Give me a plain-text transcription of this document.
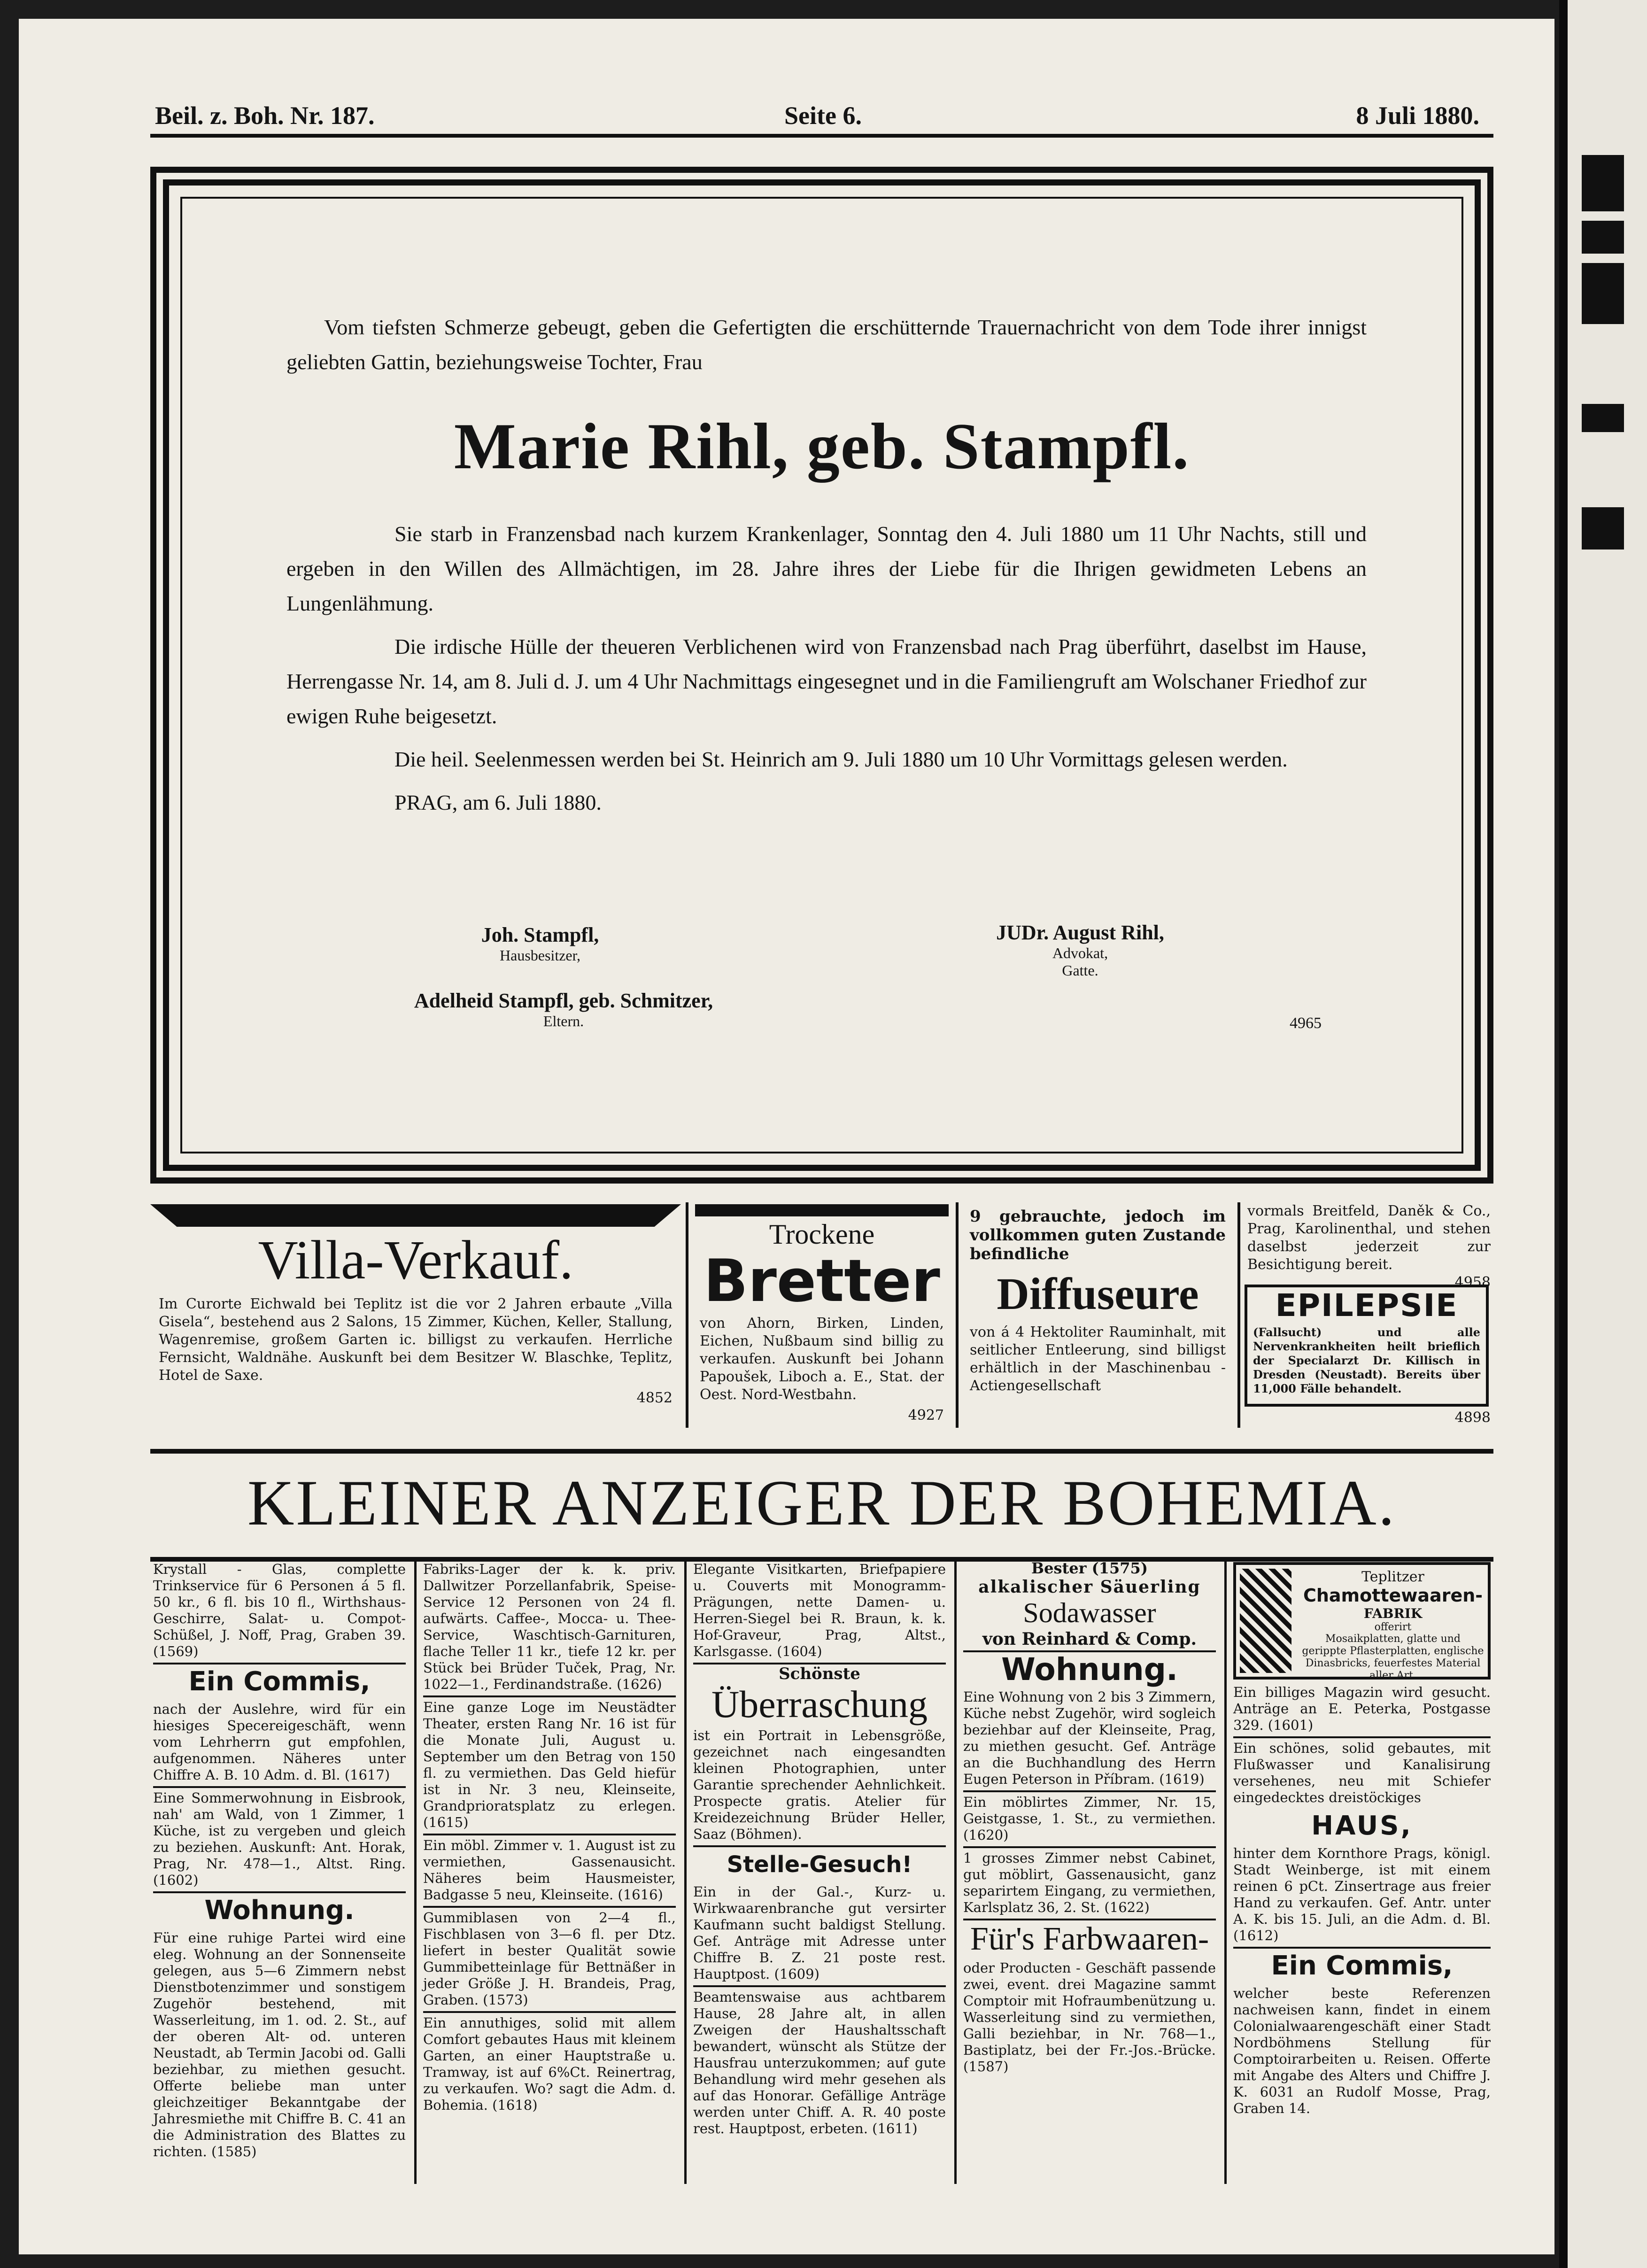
Beil. z. Boh. Nr. 187.	Seite 6.	8 Juli 1880.

Vom tiefsten Schmerze gebeugt, geben die Gefertigten die erschütternde Trauernachricht von dem Tode ihrer innigst geliebten Gattin, beziehungsweise Tochter, Frau

Marie Rihl, geb. Stampfl.

Sie starb in Franzensbad nach kurzem Krankenlager, Sonntag den 4. Juli 1880 um 11 Uhr Nachts, still und ergeben in den Willen des Allmächtigen, im 28. Jahre ihres der Liebe für die Ihrigen gewidmeten Lebens an Lungenlähmung.

Die irdische Hülle der theueren Verblichenen wird von Franzensbad nach Prag überführt, daselbst im Hause, Herrengasse Nr. 14, am 8. Juli d. J. um 4 Uhr Nachmittags eingesegnet und in die Familiengruft am Wolschaner Friedhof zur ewigen Ruhe beigesetzt.

Die heil. Seelenmessen werden bei St. Heinrich am 9. Juli 1880 um 10 Uhr Vormittags gelesen werden.

PRAG, am 6. Juli 1880.

Joh. Stampfl,
Hausbesitzer,
Adelheid Stampfl, geb. Schmitzer,
Eltern.
JUDr. August Rihl,
Advokat,
Gatte.
4965
Villa-Verkauf.
Im Curorte Eichwald bei Teplitz ist die vor 2 Jahren erbaute „Villa Gisela“, bestehend aus 2 Salons, 15 Zimmer, Küchen, Keller, Stallung, Wagenremise, großem Garten ic. billigst zu verkaufen. Herrliche Fernsicht, Waldnähe. Auskunft bei dem Besitzer W. Blaschke, Teplitz, Hotel de Saxe.
4852
Trockene
Bretter
von Ahorn, Birken, Linden, Eichen, Nußbaum sind billig zu verkaufen. Auskunft bei Johann Papoušek, Liboch a. E., Stat. der Oest. Nord-Westbahn.
4927
9 gebrauchte, jedoch im vollkommen guten Zustande befindliche
Diffuseure
von á 4 Hektoliter Rauminhalt, mit seitlicher Entleerung, sind billigst erhältlich in der Maschinenbau - Actiengesellschaft
vormals Breitfeld, Daněk & Co., Prag, Karolinenthal, und stehen daselbst jederzeit zur Besichtigung bereit.
4958
EPILEPSIE
(Fallsucht) und alle Nervenkrankheiten heilt brieflich der Specialarzt Dr. Killisch in Dresden (Neustadt). Bereits über 11,000 Fälle behandelt.
4898
KLEINER ANZEIGER DER BOHEMIA.
Krystall - Glas, complette Trinkservice für 6 Personen á 5 fl. 50 kr., 6 fl. bis 10 fl., Wirthshaus-Geschirre, Salat- u. Compot-Schüßel, J. Noff, Prag, Graben 39. (1569)
Ein Commis,
nach der Auslehre, wird für ein hiesiges Specereigeschäft, wenn vom Lehrherrn gut empfohlen, aufgenommen. Näheres unter Chiffre A. B. 10 Adm. d. Bl. (1617)
Eine Sommerwohnung in Eisbrook, nah' am Wald, von 1 Zimmer, 1 Küche, ist zu vergeben und gleich zu beziehen. Auskunft: Ant. Horak, Prag, Nr. 478—1., Altst. Ring. (1602)
Wohnung.
Für eine ruhige Partei wird eine eleg. Wohnung an der Sonnenseite gelegen, aus 5—6 Zimmern nebst Dienstbotenzimmer und sonstigem Zugehör bestehend, mit Wasserleitung, im 1. od. 2. St., auf der oberen Alt- od. unteren Neustadt, ab Termin Jacobi od. Galli beziehbar, zu miethen gesucht. Offerte beliebe man unter gleichzeitiger Bekanntgabe der Jahresmiethe mit Chiffre B. C. 41 an die Administration des Blattes zu richten. (1585)
Fabriks-Lager der k. k. priv. Dallwitzer Porzellanfabrik, Speise-Service 12 Personen von 24 fl. aufwärts. Caffee-, Mocca- u. Thee-Service, Waschtisch-Garnituren, flache Teller 11 kr., tiefe 12 kr. per Stück bei Brüder Tuček, Prag, Nr. 1022—1., Ferdinandstraße. (1626)
Eine ganze Loge im Neustädter Theater, ersten Rang Nr. 16 ist für die Monate Juli, August u. September um den Betrag von 150 fl. zu vermiethen. Das Geld hiefür ist in Nr. 3 neu, Kleinseite, Grandprioratsplatz zu erlegen. (1615)
Ein möbl. Zimmer v. 1. August ist zu vermiethen, Gassenausicht. Näheres beim Hausmeister, Badgasse 5 neu, Kleinseite. (1616)
Gummiblasen von 2—4 fl., Fischblasen von 3—6 fl. per Dtz. liefert in bester Qualität sowie Gummibetteinlage für Bettnäßer in jeder Größe J. H. Brandeis, Prag, Graben. (1573)
Ein annuthiges, solid mit allem Comfort gebautes Haus mit kleinem Garten, an einer Hauptstraße u. Tramway, ist auf 6%Ct. Reinertrag, zu verkaufen. Wo? sagt die Adm. d. Bohemia. (1618)
Elegante Visitkarten, Briefpapiere u. Couverts mit Monogramm-Prägungen, nette Damen- u. Herren-Siegel bei R. Braun, k. k. Hof-Graveur, Prag, Altst., Karlsgasse. (1604)
Schönste
Überraschung
ist ein Portrait in Lebensgröße, gezeichnet nach eingesandten kleinen Photographien, unter Garantie sprechender Aehnlichkeit. Prospecte gratis. Atelier für Kreidezeichnung Brüder Heller, Saaz (Böhmen).
Stelle-Gesuch!
Ein in der Gal.-, Kurz- u. Wirkwaarenbranche gut versirter Kaufmann sucht baldigst Stellung. Gef. Anträge mit Adresse unter Chiffre B. Z. 21 poste rest. Hauptpost. (1609)
Beamtenswaise aus achtbarem Hause, 28 Jahre alt, in allen Zweigen der Haushaltsschaft bewandert, wünscht als Stütze der Hausfrau unterzukommen; auf gute Behandlung wird mehr gesehen als auf das Honorar. Gefällige Anträge werden unter Chiff. A. R. 40 poste rest. Hauptpost, erbeten. (1611)
Bester (1575)
alkalischer Säuerling
Sodawasser
von Reinhard & Comp.
Wohnung.
Eine Wohnung von 2 bis 3 Zimmern, Küche nebst Zugehör, wird sogleich beziehbar auf der Kleinseite, Prag, zu miethen gesucht. Gef. Anträge an die Buchhandlung des Herrn Eugen Peterson in Příbram. (1619)
Ein möblirtes Zimmer, Nr. 15, Geistgasse, 1. St., zu vermiethen. (1620)
1 grosses Zimmer nebst Cabinet, gut möblirt, Gassenausicht, ganz separirtem Eingang, zu vermiethen, Karlsplatz 36, 2. St. (1622)
Für's Farbwaaren-
oder Producten - Geschäft passende zwei, event. drei Magazine sammt Comptoir mit Hofraumbenützung u. Wasserleitung sind zu vermiethen, Galli beziehbar, in Nr. 768—1., Bastiplatz, bei der Fr.-Jos.-Brücke. (1587)
Teplitzer
Chamottewaaren-
FABRIK
offerirt
Mosaikplatten, glatte und gerippte Pflasterplatten, englische Dinasbricks, feuerfestes Material aller Art.
Ein billiges Magazin wird gesucht. Anträge an E. Peterka, Postgasse 329. (1601)
Ein schönes, solid gebautes, mit Flußwasser und Kanalisirung versehenes, neu mit Schiefer eingedecktes dreistöckiges
HAUS,
hinter dem Kornthore Prags, königl. Stadt Weinberge, ist mit einem reinen 6 pCt. Zinsertrage aus freier Hand zu verkaufen. Gef. Antr. unter A. K. bis 15. Juli, an die Adm. d. Bl. (1612)
Ein Commis,
welcher beste Referenzen nachweisen kann, findet in einem Colonialwaarengeschäft einer Stadt Nordböhmens Stellung für Comptoirarbeiten u. Reisen. Offerte mit Angabe des Alters und Chiffre J. K. 6031 an Rudolf Mosse, Prag, Graben 14.
